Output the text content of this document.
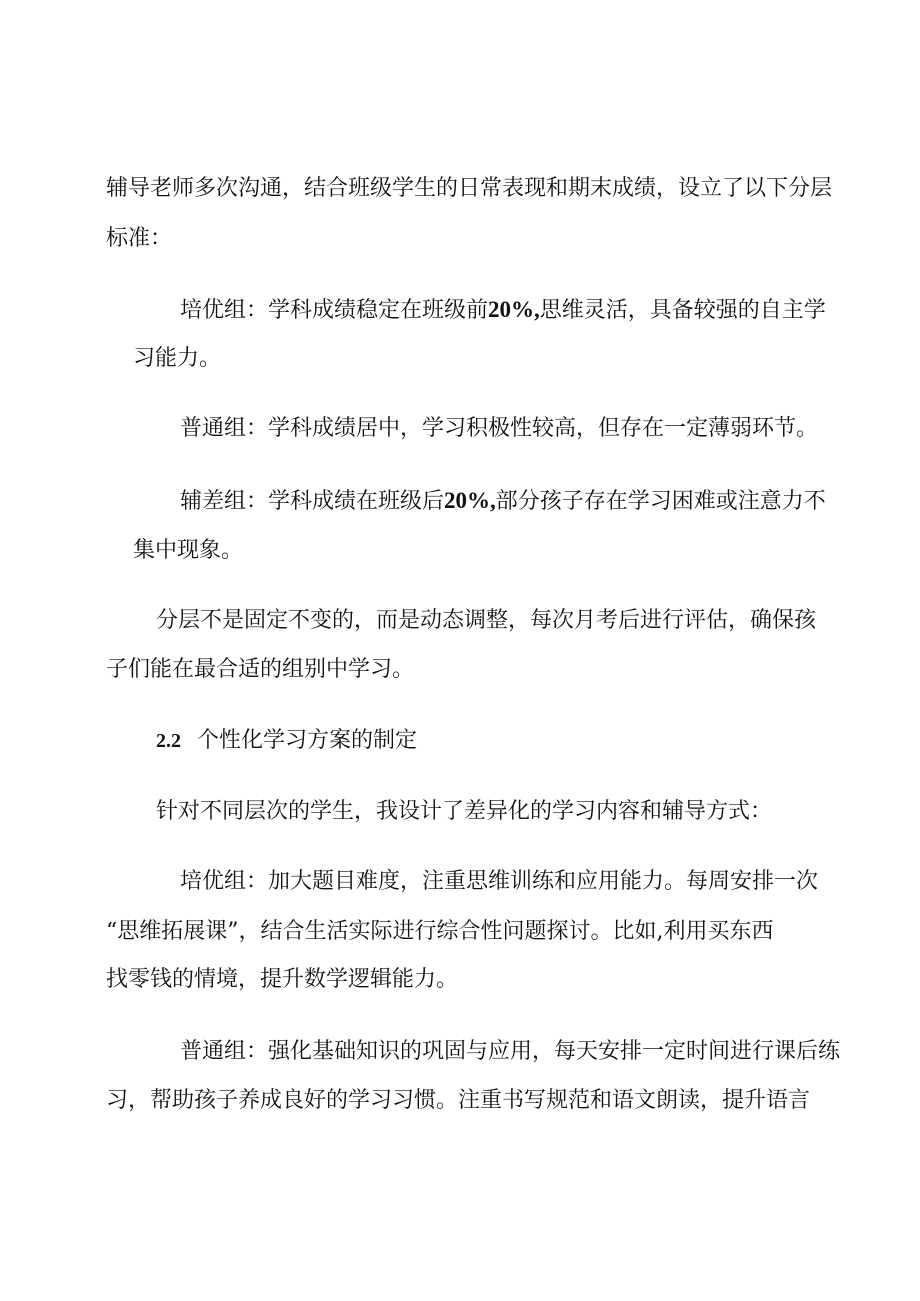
辅导老师多次沟通，结合班级学生的日常表现和期末成绩，设立了以下分层
标准：
培优组：学科成绩稳定在班级前20%,思维灵活，具备较强的自主学
习能力。
普通组：学科成绩居中，学习积极性较高，但存在一定薄弱环节。
辅差组：学科成绩在班级后20%,部分孩子存在学习困难或注意力不
集中现象。
分层不是固定不变的，而是动态调整，每次月考后进行评估，确保孩
子们能在最合适的组别中学习。
2.2 个性化学习方案的制定
针对不同层次的学生，我设计了差异化的学习内容和辅导方式：
培优组：加大题目难度，注重思维训练和应用能力。每周安排一次
“思维拓展课”，结合生活实际进行综合性问题探讨。比如,利用买东西
找零钱的情境，提升数学逻辑能力。
普通组：强化基础知识的巩固与应用，每天安排一定时间进行课后练
习，帮助孩子养成良好的学习习惯。注重书写规范和语文朗读，提升语言
